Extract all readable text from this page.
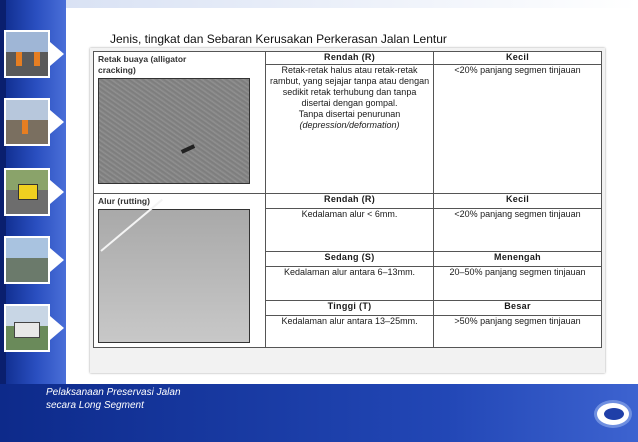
Jenis, tingkat dan Sebaran Kerusakan Perkerasan Jalan Lentur
Retak buaya (alligator
cracking)	Rendah (R)	Kecil
	Retak-retak halus atau retak-retak rambut, yang sejajar tanpa atau dengan sedikit retak terhubung dan tanpa disertai dengan gompal.
Tanpa disertai penurunan
(depression/deformation)	<20% panjang segmen tinjauan

Alur (rutting)	Rendah (R)	Kecil
	Kedalaman alur < 6mm.	<20% panjang segmen tinjauan
	Sedang (S)	Menengah
	Kedalaman alur antara 6–13mm.	20–50% panjang segmen tinjauan
	Tinggi (T)	Besar
	Kedalaman alur antara 13–25mm.	>50% panjang segmen tinjauan
Pelaksanaan Preservasi Jalan
secara Long Segment
